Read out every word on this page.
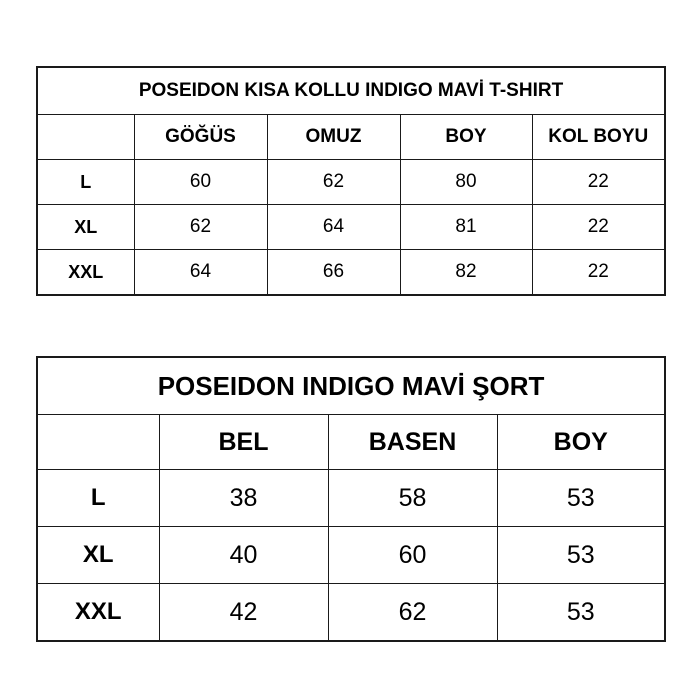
POSEIDON KISA KOLLU INDIGO MAVİ T-SHIRT				
	GÖĞÜS	OMUZ	BOY	KOL BOYU
L	60	62	80	22
XL	62	64	81	22
XXL	64	66	82	22
POSEIDON INDIGO MAVİ ŞORT			
	BEL	BASEN	BOY
L	38	58	53
XL	40	60	53
XXL	42	62	53
